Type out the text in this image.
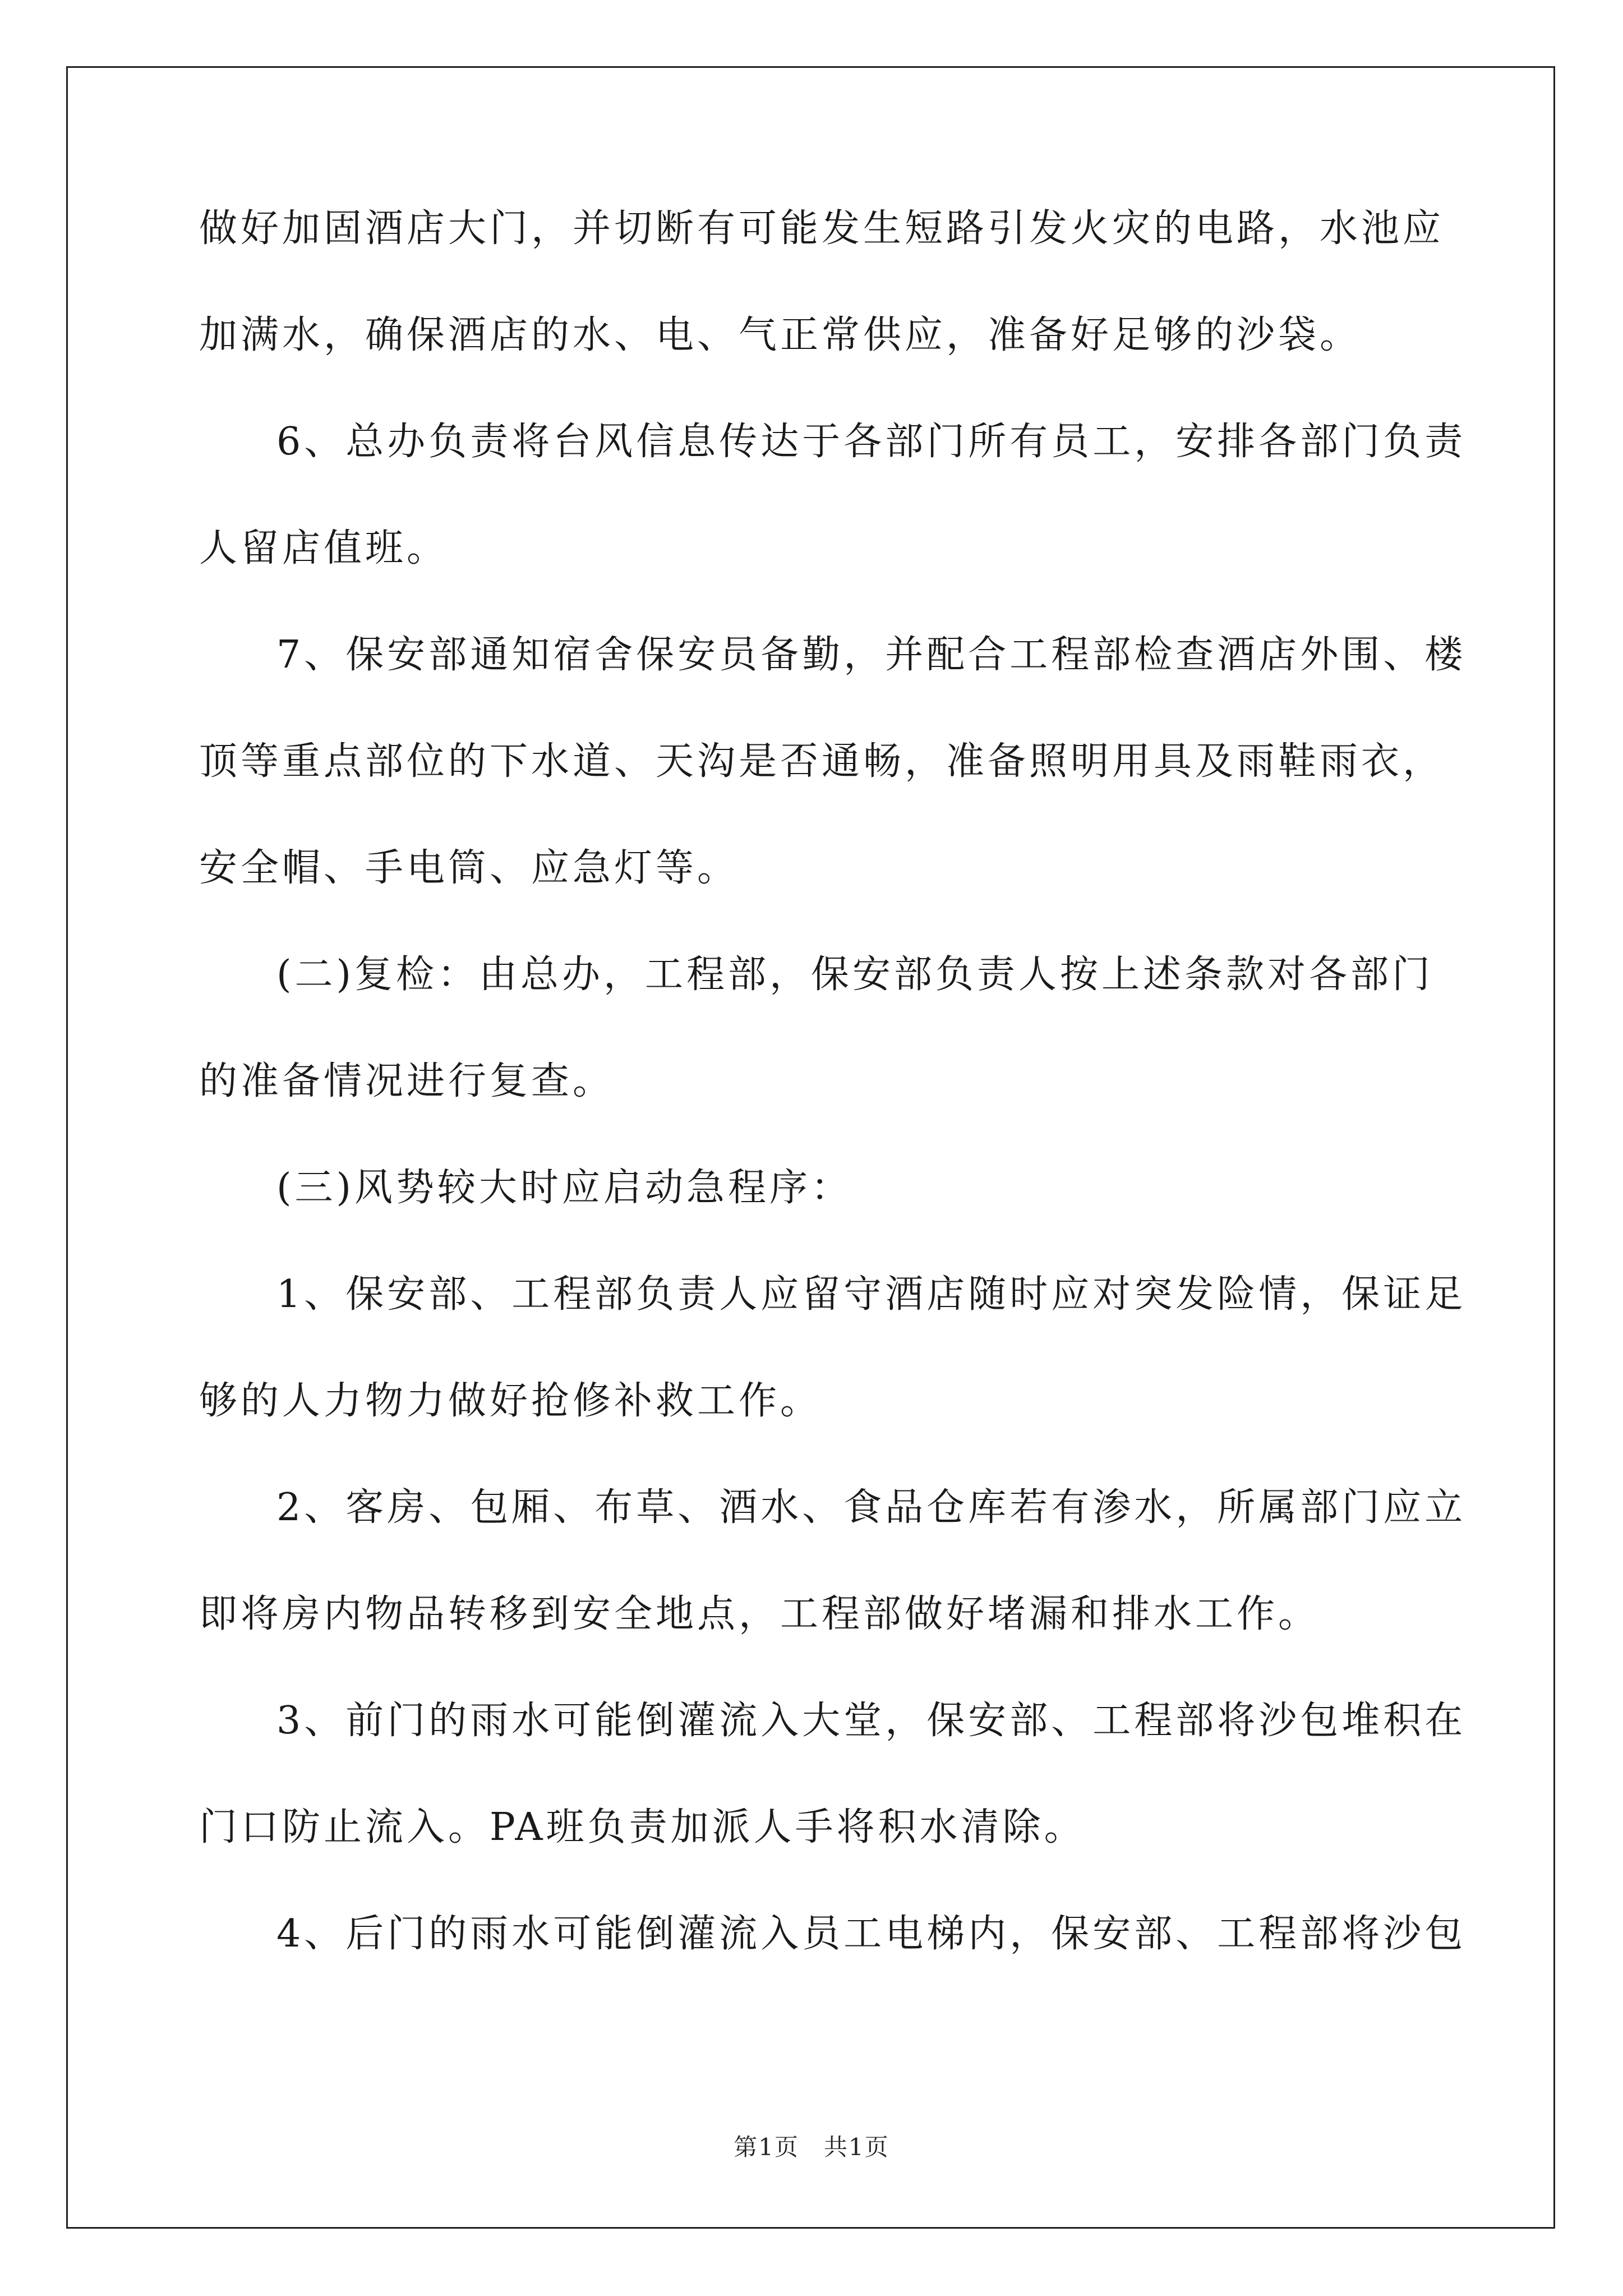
做好加固酒店大门，并切断有可能发生短路引发火灾的电路，水池应
加满水，确保酒店的水、电、气正常供应，准备好足够的沙袋。
6、总办负责将台风信息传达于各部门所有员工，安排各部门负责
人留店值班。
7、保安部通知宿舍保安员备勤，并配合工程部检查酒店外围、楼
顶等重点部位的下水道、天沟是否通畅，准备照明用具及雨鞋雨衣，
安全帽、手电筒、应急灯等。
(二)复检：由总办，工程部，保安部负责人按上述条款对各部门
的准备情况进行复查。
(三)风势较大时应启动急程序：
1、保安部、工程部负责人应留守酒店随时应对突发险情，保证足
够的人力物力做好抢修补救工作。
2、客房、包厢、布草、酒水、食品仓库若有渗水，所属部门应立
即将房内物品转移到安全地点，工程部做好堵漏和排水工作。
3、前门的雨水可能倒灌流入大堂，保安部、工程部将沙包堆积在
门口防止流入。PA班负责加派人手将积水清除。
4、后门的雨水可能倒灌流入员工电梯内，保安部、工程部将沙包
第1页　共1页
